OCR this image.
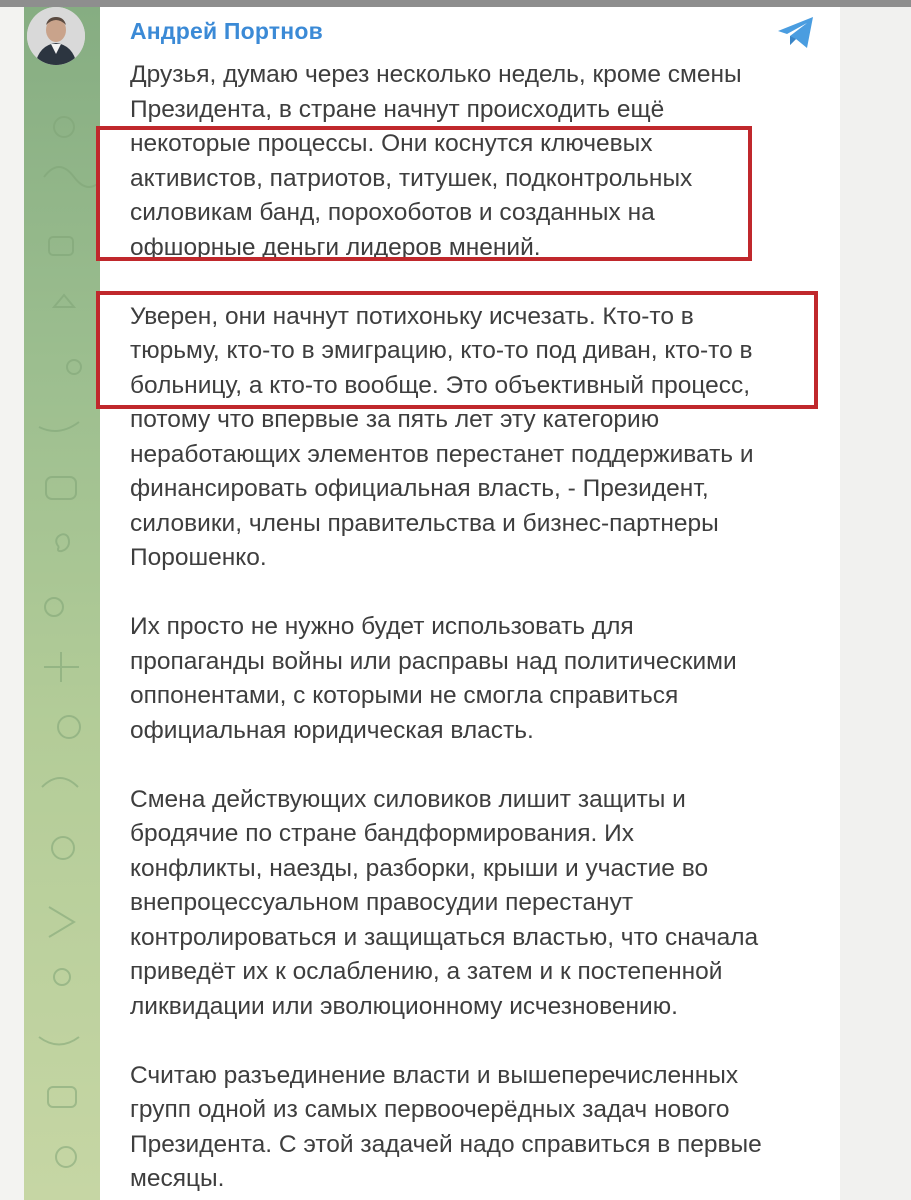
Андрей Портнов
Друзья, думаю через несколько недель, кроме смены
Президента, в стране начнут происходить ещё
некоторые процессы. Они коснутся ключевых
активистов, патриотов, титушек, подконтрольных
силовикам банд, порохоботов и созданных на
офшорные деньги лидеров мнений.
Уверен, они начнут потихоньку исчезать. Кто-то в
тюрьму, кто-то в эмиграцию, кто-то под диван, кто-то в
больницу, а кто-то вообще. Это объективный процесс,
потому что впервые за пять лет эту категорию
неработающих элементов перестанет поддерживать и
финансировать официальная власть, - Президент,
силовики, члены правительства и бизнес-партнеры
Порошенко.
Их просто не нужно будет использовать для
пропаганды войны или расправы над политическими
оппонентами, с которыми не смогла справиться
официальная юридическая власть.
Смена действующих силовиков лишит защиты и
бродячие по стране бандформирования. Их
конфликты, наезды, разборки, крыши и участие во
внепроцессуальном правосудии перестанут
контролироваться и защищаться властью, что сначала
приведёт их к ослаблению, а затем и к постепенной
ликвидации или эволюционному исчезновению.
Считаю разъединение власти и вышеперечисленных
групп одной из самых первоочерёдных задач нового
Президента. С этой задачей надо справиться в первые
месяцы.
